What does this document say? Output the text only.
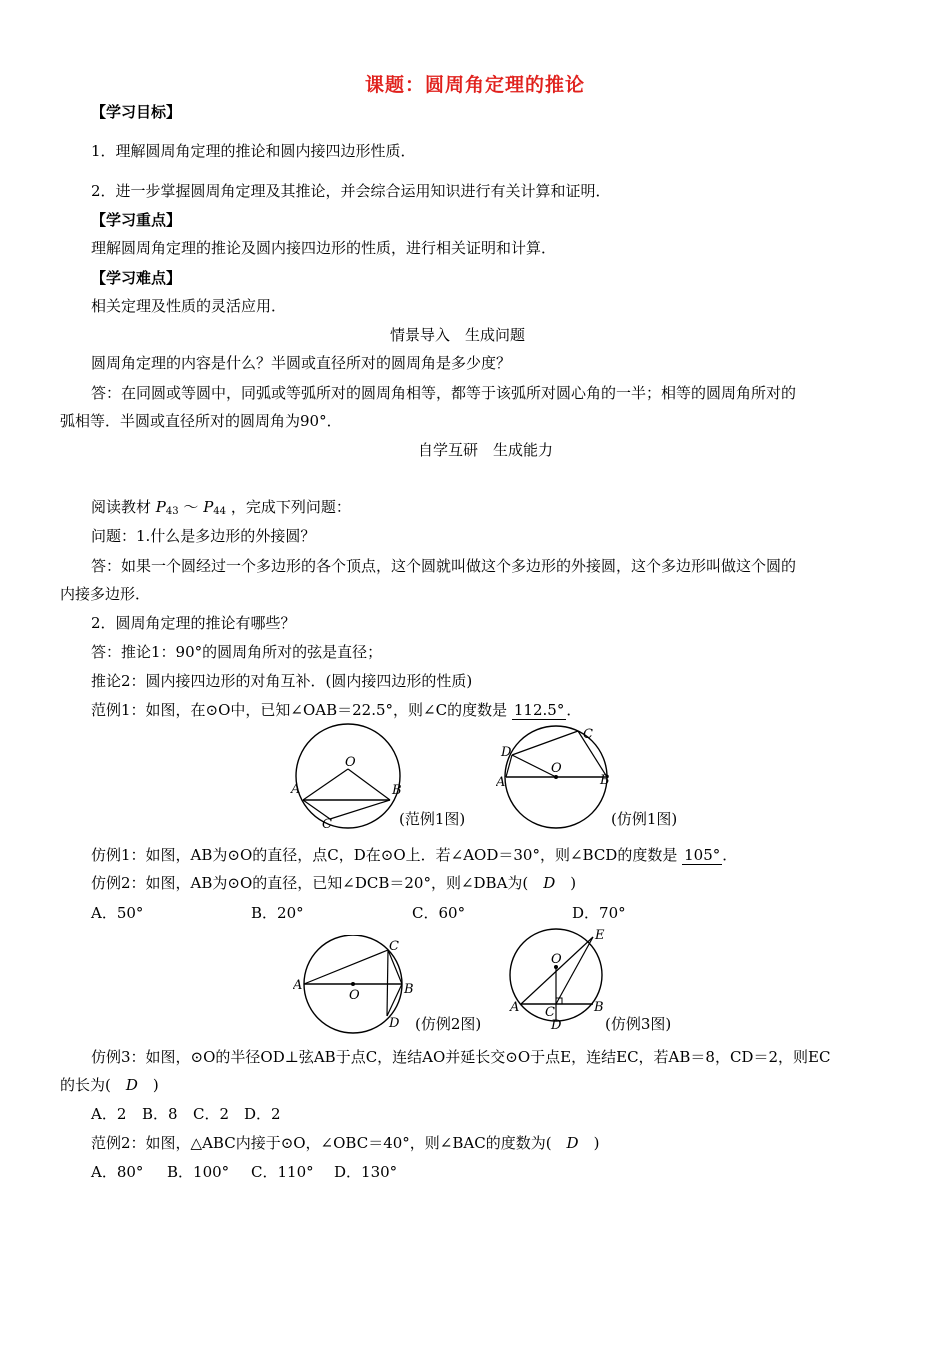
课题：圆周角定理的推论
【学习目标】
1．理解圆周角定理的推论和圆内接四边形性质．
2．进一步掌握圆周角定理及其推论，并会综合运用知识进行有关计算和证明．
【学习重点】
理解圆周角定理的推论及圆内接四边形的性质，进行相关证明和计算．
【学习难点】
相关定理及性质的灵活应用．
情景导入　生成问题
圆周角定理的内容是什么？半圆或直径所对的圆周角是多少度？
答：在同圆或等圆中，同弧或等弧所对的圆周角相等，都等于该弧所对圆心角的一半；相等的圆周角所对的
弧相等．半圆或直径所对的圆周角为90°．
自学互研　生成能力
阅读教材 $P_{43}$ ～ $P_{44}$ ，完成下列问题：
问题：1.什么是多边形的外接圆？
答：如果一个圆经过一个多边形的各个顶点，这个圆就叫做这个多边形的外接圆，这个多边形叫做这个圆的
内接多边形．
2．圆周角定理的推论有哪些？
答：推论1：90°的圆周角所对的弦是直径；
推论2：圆内接四边形的对角互补．(圆内接四边形的性质)
范例1：如图，在⊙O中，已知∠OAB＝22.5°，则∠C的度数是 112.5° ．
O
A	B
C	(范例1图)
O
A	B
C
D
(仿例1图)
仿例1：如图，AB为⊙O的直径，点C，D在⊙O上．若∠AOD＝30°，则∠BCD的度数是 105° ．
仿例2：如图，AB为⊙O的直径，已知∠DCB＝20°，则∠DBA为(　D　)
A．50°	B．20°	C．60°	D．70°
O
A	B
C
D (仿例2图)
O
A	B
C
D
E
(仿例3图)
仿例3：如图，⊙O的半径OD⊥弦AB于点C，连结AO并延长交⊙O于点E，连结EC，若AB＝8，CD＝2，则EC
的长为(　D　)
A．2 B．8 C．2 D．2
范例2：如图，△ABC内接于⊙O，∠OBC＝40°，则∠BAC的度数为(　D　)
A．80° B．100° C．110° D．130°
